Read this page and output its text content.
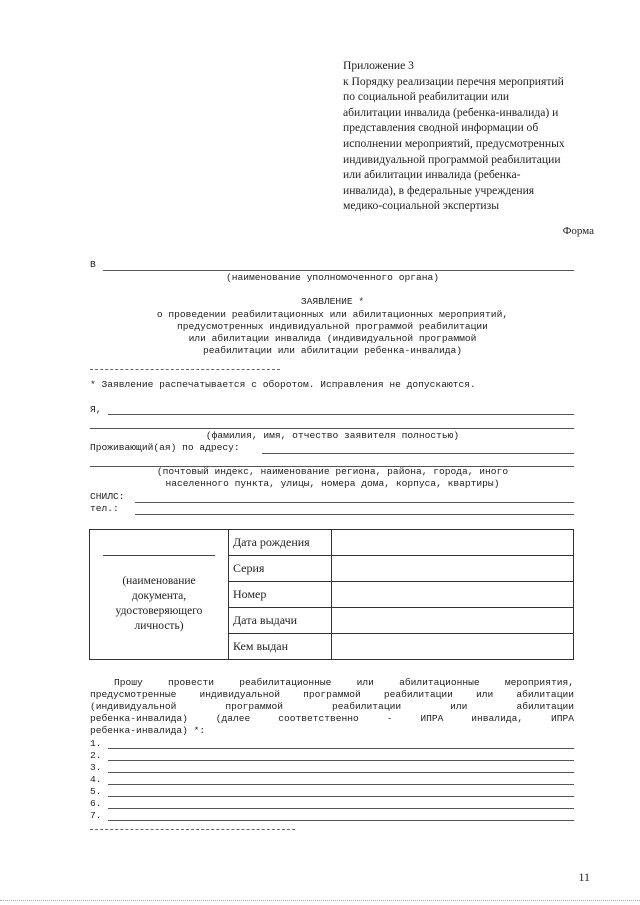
Приложение 3
к Порядку реализации перечня мероприятий
по социальной реабилитации или
абилитации инвалида (ребенка-инвалида) и
представления сводной информации об
исполнении мероприятий, предусмотренных
индивидуальной программой реабилитации
или абилитации инвалида (ребенка-
инвалида), в федеральные учреждения
медико-социальной экспертизы
Форма
В
(наименование уполномоченного органа)
ЗАЯВЛЕНИЕ *
о проведении реабилитационных или абилитационных мероприятий,
предусмотренных индивидуальной программой реабилитации
или абилитации инвалида (индивидуальной программой
реабилитации или абилитации ребенка-инвалида)
* Заявление распечатывается с оборотом. Исправления не допускаются.
Я,
(фамилия, имя, отчество заявителя полностью)
Проживающий(ая) по адресу:
(почтовый индекс, наименование региона, района, города, иного
населенного пункта, улицы, номера дома, корпуса, квартиры)
СНИЛС:
тел.:
(наименование
документа,
удостоверяющего
личность)	Дата рождения	
	Серия	
	Номер	
	Дата выдачи	
	Кем выдан	
Прошу	провести	реабилитационные	или	абилитационные	мероприятия,
предусмотренные индивидуальной программой реабилитации или абилитации
(индивидуальной	программой	реабилитации	или	абилитации
ребенка-инвалида)	(далее	соответственно	-	ИПРА	инвалида,	ИПРА
ребенка-инвалида) *:
1.
2.
3.
4.
5.
6.
7.
11
